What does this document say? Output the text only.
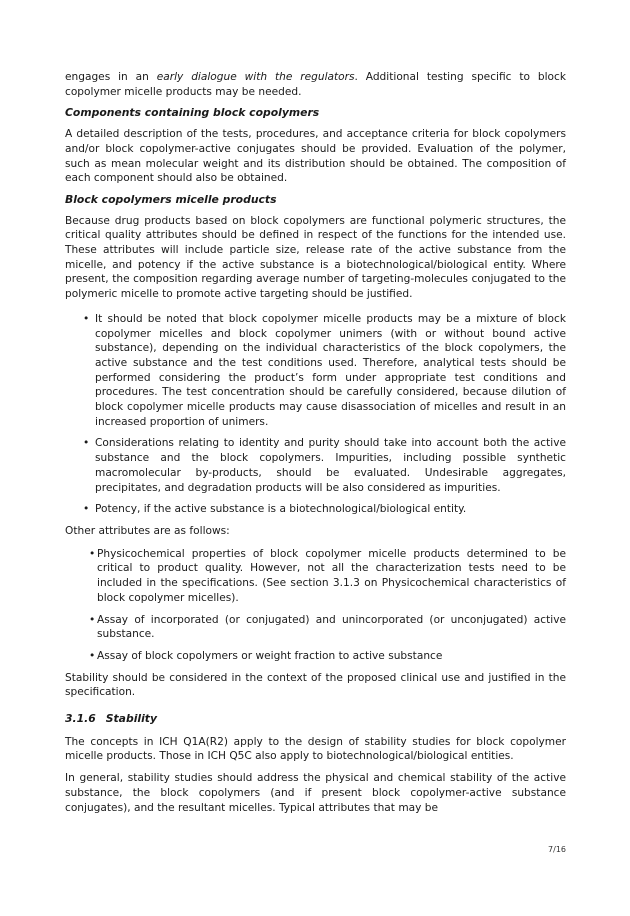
engages in an early dialogue with the regulators. Additional testing specific to block copolymer micelle products may be needed.

Components containing block copolymers

A detailed description of the tests, procedures, and acceptance criteria for block copolymers and/or block copolymer-active conjugates should be provided. Evaluation of the polymer, such as mean molecular weight and its distribution should be obtained. The composition of each component should also be obtained.

Block copolymers micelle products

Because drug products based on block copolymers are functional polymeric structures, the critical quality attributes should be defined in respect of the functions for the intended use. These attributes will include particle size, release rate of the active substance from the micelle, and potency if the active substance is a biotechnological/biological entity. Where present, the composition regarding average number of targeting-molecules conjugated to the polymeric micelle to promote active targeting should be justified.

• It should be noted that block copolymer micelle products may be a mixture of block copolymer micelles and block copolymer unimers (with or without bound active substance), depending on the individual characteristics of the block copolymers, the active substance and the test conditions used. Therefore, analytical tests should be performed considering the product’s form under appropriate test conditions and procedures. The test concentration should be carefully considered, because dilution of block copolymer micelle products may cause disassociation of micelles and result in an increased proportion of unimers.
• Considerations relating to identity and purity should take into account both the active substance and the block copolymers. Impurities, including possible synthetic macromolecular by-products, should be evaluated. Undesirable aggregates, precipitates, and degradation products will be also considered as impurities.
• Potency, if the active substance is a biotechnological/biological entity.

Other attributes are as follows:

• Physicochemical properties of block copolymer micelle products determined to be critical to product quality. However, not all the characterization tests need to be included in the specifications. (See section 3.1.3 on Physicochemical characteristics of block copolymer micelles).
• Assay of incorporated (or conjugated) and unincorporated (or unconjugated) active substance.
• Assay of block copolymers or weight fraction to active substance

Stability should be considered in the context of the proposed clinical use and justified in the specification.

3.1.6 Stability

The concepts in ICH Q1A(R2) apply to the design of stability studies for block copolymer micelle products. Those in ICH Q5C also apply to biotechnological/biological entities.

In general, stability studies should address the physical and chemical stability of the active substance, the block copolymers (and if present block copolymer-active substance conjugates), and the resultant micelles. Typical attributes that may be

7/16
